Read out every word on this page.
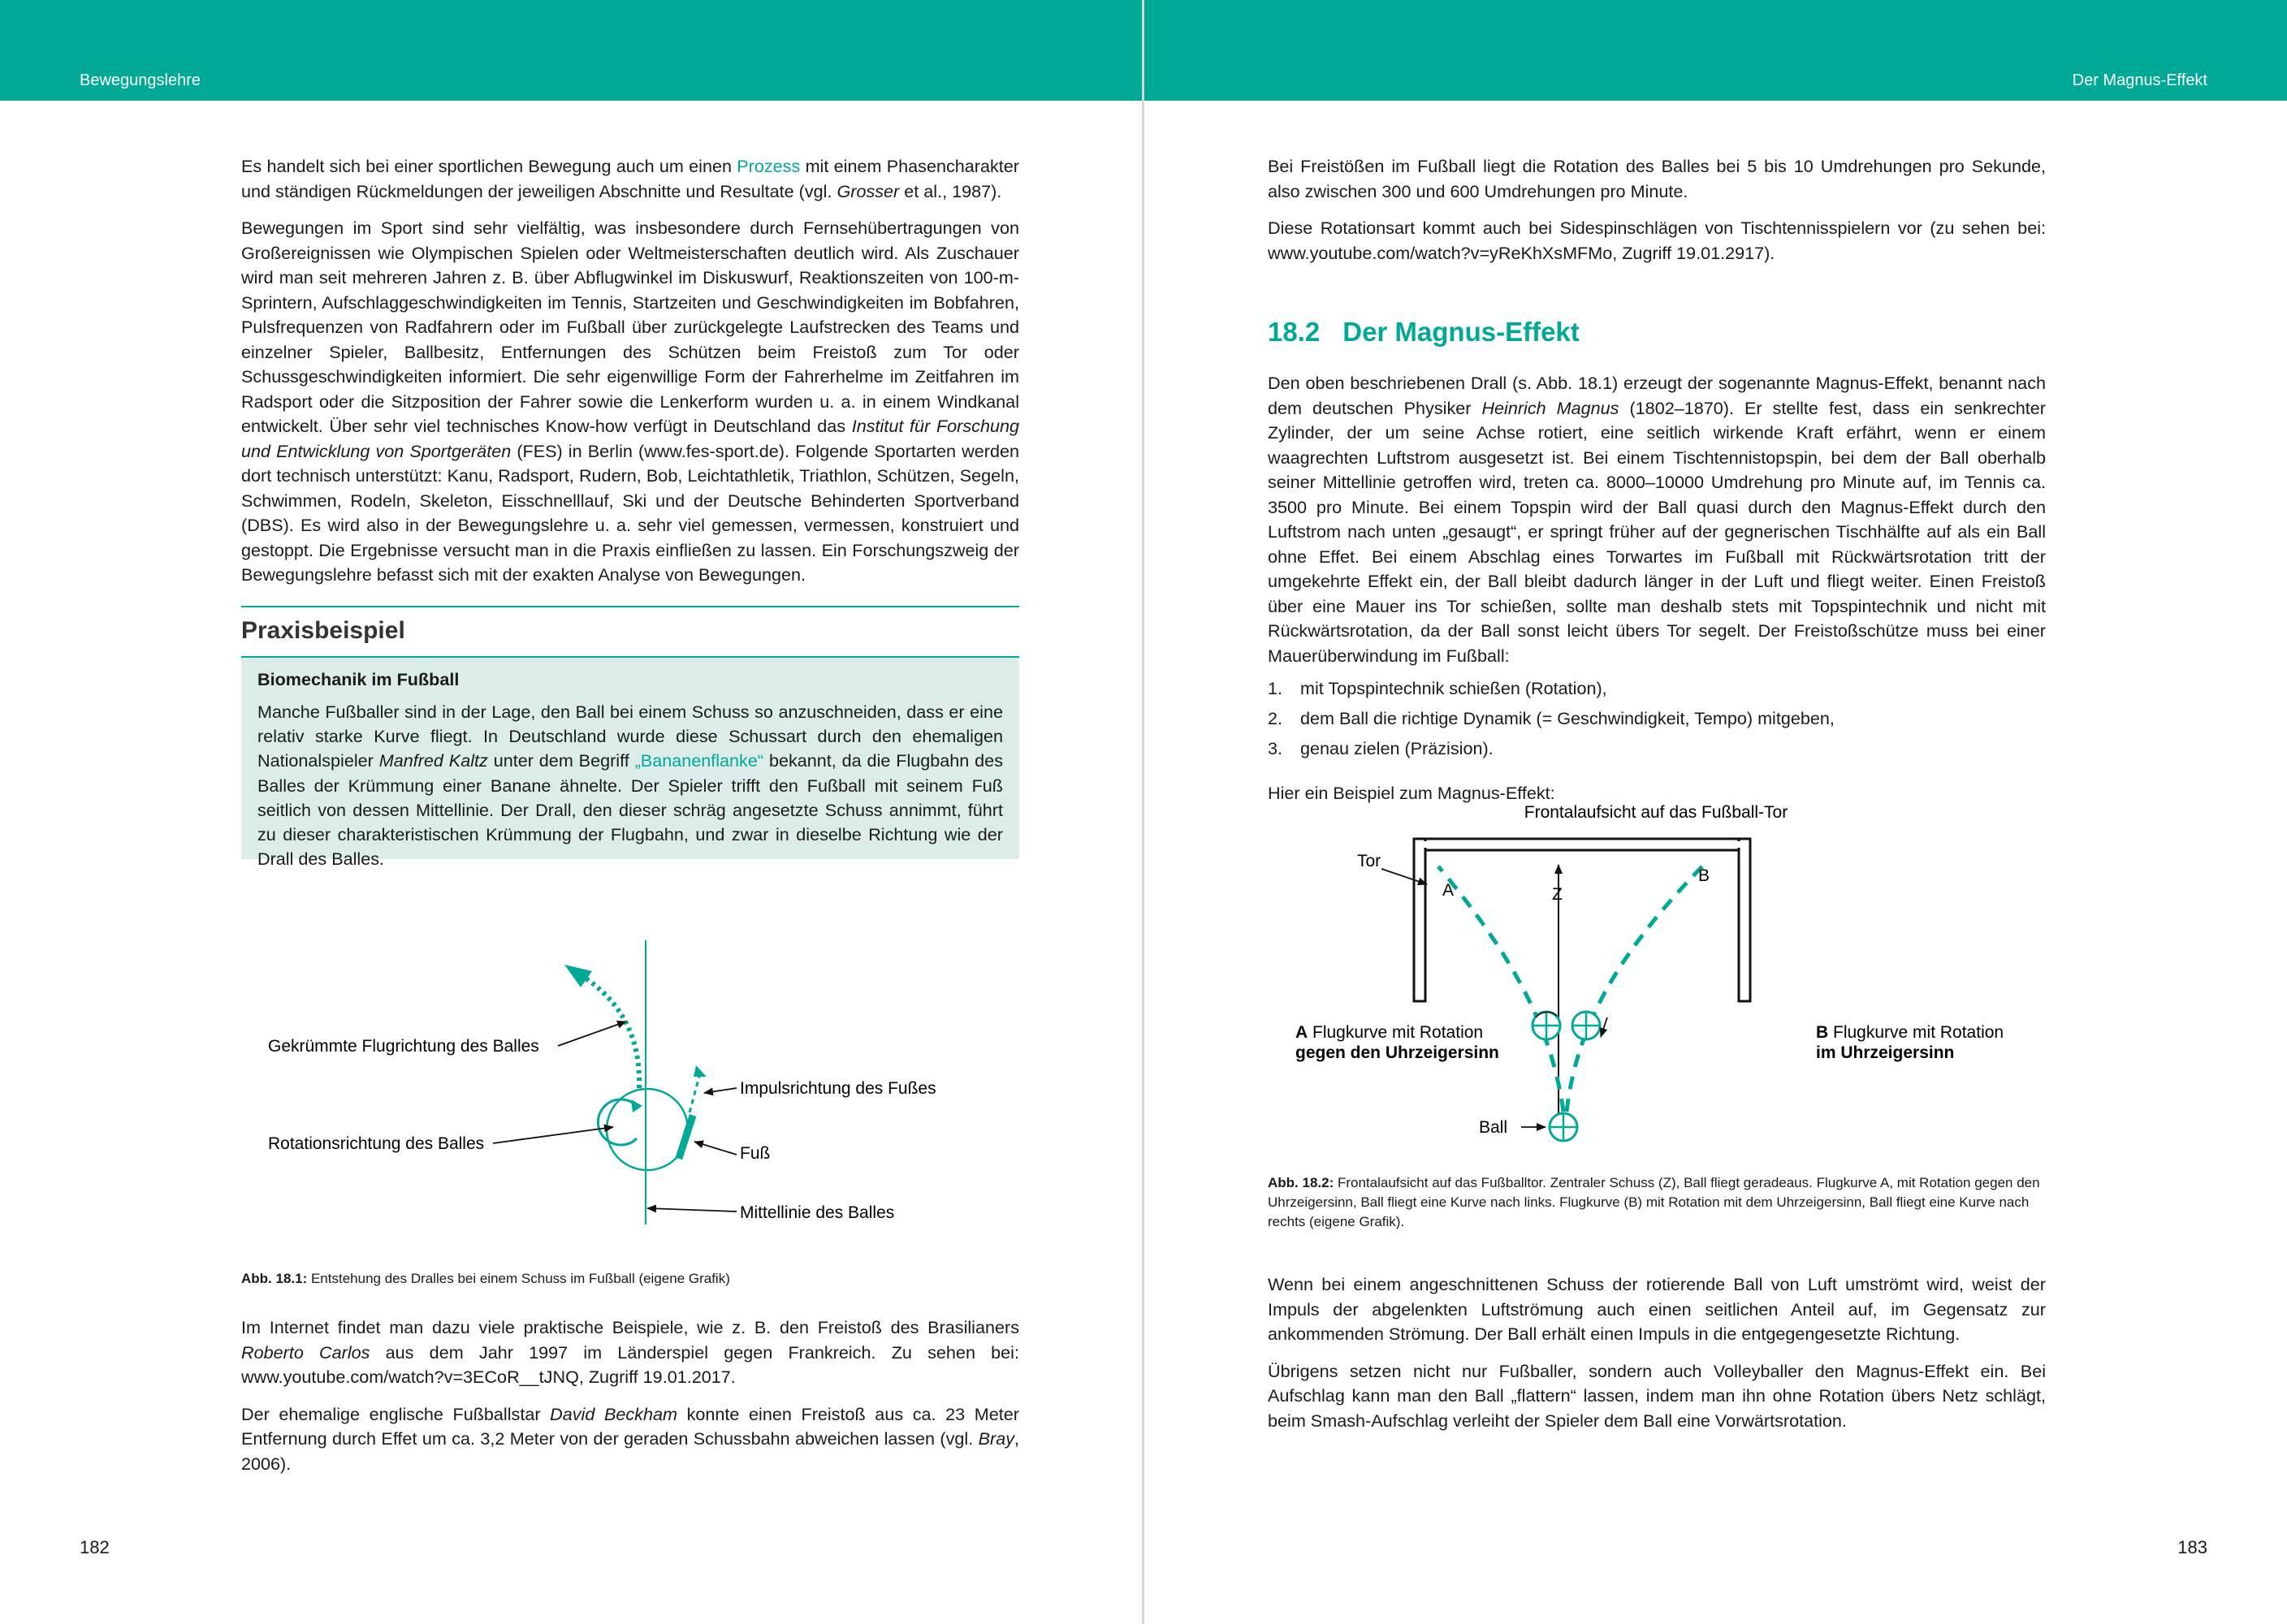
Bewegungslehre

Es handelt sich bei einer sportlichen Bewegung auch um einen Prozess mit einem Phasencharakter und ständigen Rückmeldungen der jeweiligen Abschnitte und Resultate (vgl. Grosser et al., 1987).

Bewegungen im Sport sind sehr vielfältig, was insbesondere durch Fernsehübertragungen von Großereignissen wie Olympischen Spielen oder Weltmeisterschaften deutlich wird. Als Zuschauer wird man seit mehreren Jahren z. B. über Abflugwinkel im Diskuswurf, Reaktionszeiten von 100-m-Sprintern, Aufschlaggeschwindigkeiten im Tennis, Startzeiten und Geschwindigkeiten im Bobfahren, Pulsfrequenzen von Radfahrern oder im Fußball über zurückgelegte Laufstrecken des Teams und einzelner Spieler, Ballbesitz, Entfernungen des Schützen beim Freistoß zum Tor oder Schussgeschwindigkeiten informiert. Die sehr eigenwillige Form der Fahrerhelme im Zeitfahren im Radsport oder die Sitzposition der Fahrer sowie die Lenkerform wurden u. a. in einem Windkanal entwickelt. Über sehr viel technisches Know-how verfügt in Deutschland das Institut für Forschung und Entwicklung von Sportgeräten (FES) in Berlin (www.fes-sport.de). Folgende Sportarten werden dort technisch unterstützt: Kanu, Radsport, Rudern, Bob, Leichtathletik, Triathlon, Schützen, Segeln, Schwimmen, Rodeln, Skeleton, Eisschnelllauf, Ski und der Deutsche Behinderten Sportverband (DBS). Es wird also in der Bewegungslehre u. a. sehr viel gemessen, vermessen, konstruiert und gestoppt. Die Ergebnisse versucht man in die Praxis einfließen zu lassen. Ein Forschungszweig der Bewegungslehre befasst sich mit der exakten Analyse von Bewegungen.

Praxisbeispiel
Biomechanik im Fußball

Manche Fußballer sind in der Lage, den Ball bei einem Schuss so anzuschneiden, dass er eine relativ starke Kurve fliegt. In Deutschland wurde diese Schussart durch den ehemaligen Nationalspieler Manfred Kaltz unter dem Begriff „Bananenflanke“ bekannt, da die Flugbahn des Balles der Krümmung einer Banane ähnelte. Der Spieler trifft den Fußball mit seinem Fuß seitlich von dessen Mittellinie. Der Drall, den dieser schräg angesetzte Schuss annimmt, führt zu dieser charakteristischen Krümmung der Flugbahn, und zwar in dieselbe Richtung wie der Drall des Balles.

Gekrümmte Flugrichtung des Balles
Rotationsrichtung des Balles
Impulsrichtung des Fußes
Fuß
Mittellinie des Balles
Abb. 18.1: Entstehung des Dralles bei einem Schuss im Fußball (eigene Grafik)

Im Internet findet man dazu viele praktische Beispiele, wie z. B. den Freistoß des Brasilianers Roberto Carlos aus dem Jahr 1997 im Länderspiel gegen Frankreich. Zu sehen bei: www.youtube.com/watch?v=3ECoR__tJNQ, Zugriff 19.01.2017.

Der ehemalige englische Fußballstar David Beckham konnte einen Freistoß aus ca. 23 Meter Entfernung durch Effet um ca. 3,2 Meter von der geraden Schussbahn abweichen lassen (vgl. Bray, 2006).

182
Der Magnus-Effekt

Bei Freistößen im Fußball liegt die Rotation des Balles bei 5 bis 10 Umdrehungen pro Sekunde, also zwischen 300 und 600 Umdrehungen pro Minute.

Diese Rotationsart kommt auch bei Sidespinschlägen von Tischtennisspielern vor (zu sehen bei: www.youtube.com/watch?v=yReKhXsMFMo, Zugriff 19.01.2917).

18.2 Der Magnus-Effekt

Den oben beschriebenen Drall (s. Abb. 18.1) erzeugt der sogenannte Magnus-Effekt, benannt nach dem deutschen Physiker Heinrich Magnus (1802–1870). Er stellte fest, dass ein senkrechter Zylinder, der um seine Achse rotiert, eine seitlich wirkende Kraft erfährt, wenn er einem waagrechten Luftstrom ausgesetzt ist. Bei einem Tischtennistopspin, bei dem der Ball oberhalb seiner Mittellinie getroffen wird, treten ca. 8000–10000 Umdrehung pro Minute auf, im Tennis ca. 3500 pro Minute. Bei einem Topspin wird der Ball quasi durch den Magnus-Effekt durch den Luftstrom nach unten „gesaugt“, er springt früher auf der gegnerischen Tischhälfte auf als ein Ball ohne Effet. Bei einem Abschlag eines Torwartes im Fußball mit Rückwärtsrotation tritt der umgekehrte Effekt ein, der Ball bleibt dadurch länger in der Luft und fliegt weiter. Einen Freistoß über eine Mauer ins Tor schießen, sollte man deshalb stets mit Topspintechnik und nicht mit Rückwärtsrotation, da der Ball sonst leicht übers Tor segelt. Der Freistoßschütze muss bei einer Mauerüberwindung im Fußball:

1.	mit Topspintechnik schießen (Rotation),
2.	dem Ball die richtige Dynamik (= Geschwindigkeit, Tempo) mitgeben,
3.	genau zielen (Präzision).

Hier ein Beispiel zum Magnus-Effekt:

Frontalaufsicht auf das Fußball-Tor
Tor
Z
A
B
Ball
A Flugkurve mit Rotation
gegen den Uhrzeigersinn
B Flugkurve mit Rotation
im Uhrzeigersinn
Abb. 18.2: Frontalaufsicht auf das Fußballtor. Zentraler Schuss (Z), Ball fliegt geradeaus. Flugkurve A, mit Rotation gegen den Uhrzeigersinn, Ball fliegt eine Kurve nach links. Flugkurve (B) mit Rotation mit dem Uhrzeigersinn, Ball fliegt eine Kurve nach rechts (eigene Grafik).

Wenn bei einem angeschnittenen Schuss der rotierende Ball von Luft umströmt wird, weist der Impuls der abgelenkten Luftströmung auch einen seitlichen Anteil auf, im Gegensatz zur ankommenden Strömung. Der Ball erhält einen Impuls in die entgegengesetzte Richtung.

Übrigens setzen nicht nur Fußballer, sondern auch Volleyballer den Magnus-Effekt ein. Bei Aufschlag kann man den Ball „flattern“ lassen, indem man ihn ohne Rotation übers Netz schlägt, beim Smash-Aufschlag verleiht der Spieler dem Ball eine Vorwärtsrotation.

183
